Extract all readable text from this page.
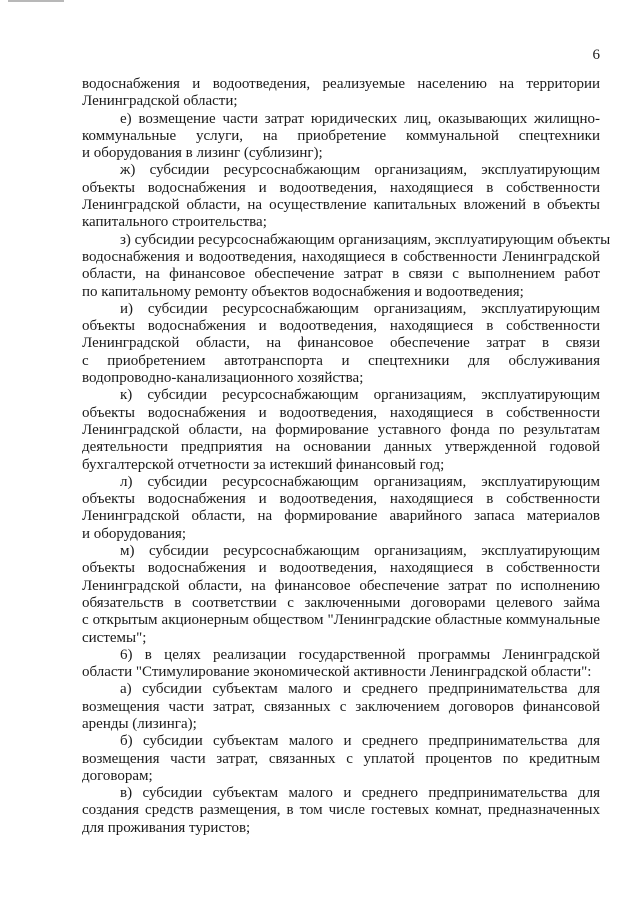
6
водоснабжения и водоотведения, реализуемые населению на территории
Ленинградской области;
е) возмещение части затрат юридических лиц, оказывающих жилищно-
коммунальные услуги, на приобретение коммунальной спецтехники
и оборудования в лизинг (сублизинг);
ж) субсидии ресурсоснабжающим организациям, эксплуатирующим
объекты водоснабжения и водоотведения, находящиеся в собственности
Ленинградской области, на осуществление капитальных вложений в объекты
капитального строительства;
з) субсидии ресурсоснабжающим организациям, эксплуатирующим объекты
водоснабжения и водоотведения, находящиеся в собственности Ленинградской
области, на финансовое обеспечение затрат в связи с выполнением работ
по капитальному ремонту объектов водоснабжения и водоотведения;
и) субсидии ресурсоснабжающим организациям, эксплуатирующим
объекты водоснабжения и водоотведения, находящиеся в собственности
Ленинградской области, на финансовое обеспечение затрат в связи
с приобретением автотранспорта и спецтехники для обслуживания
водопроводно-канализационного хозяйства;
к) субсидии ресурсоснабжающим организациям, эксплуатирующим
объекты водоснабжения и водоотведения, находящиеся в собственности
Ленинградской области, на формирование уставного фонда по результатам
деятельности предприятия на основании данных утвержденной годовой
бухгалтерской отчетности за истекший финансовый год;
л) субсидии ресурсоснабжающим организациям, эксплуатирующим
объекты водоснабжения и водоотведения, находящиеся в собственности
Ленинградской области, на формирование аварийного запаса материалов
и оборудования;
м) субсидии ресурсоснабжающим организациям, эксплуатирующим
объекты водоснабжения и водоотведения, находящиеся в собственности
Ленинградской области, на финансовое обеспечение затрат по исполнению
обязательств в соответствии с заключенными договорами целевого займа
с открытым акционерным обществом "Ленинградские областные коммунальные
системы";
6) в целях реализации государственной программы Ленинградской
области "Стимулирование экономической активности Ленинградской области":
а) субсидии субъектам малого и среднего предпринимательства для
возмещения части затрат, связанных с заключением договоров финансовой
аренды (лизинга);
б) субсидии субъектам малого и среднего предпринимательства для
возмещения части затрат, связанных с уплатой процентов по кредитным
договорам;
в) субсидии субъектам малого и среднего предпринимательства для
создания средств размещения, в том числе гостевых комнат, предназначенных
для проживания туристов;
